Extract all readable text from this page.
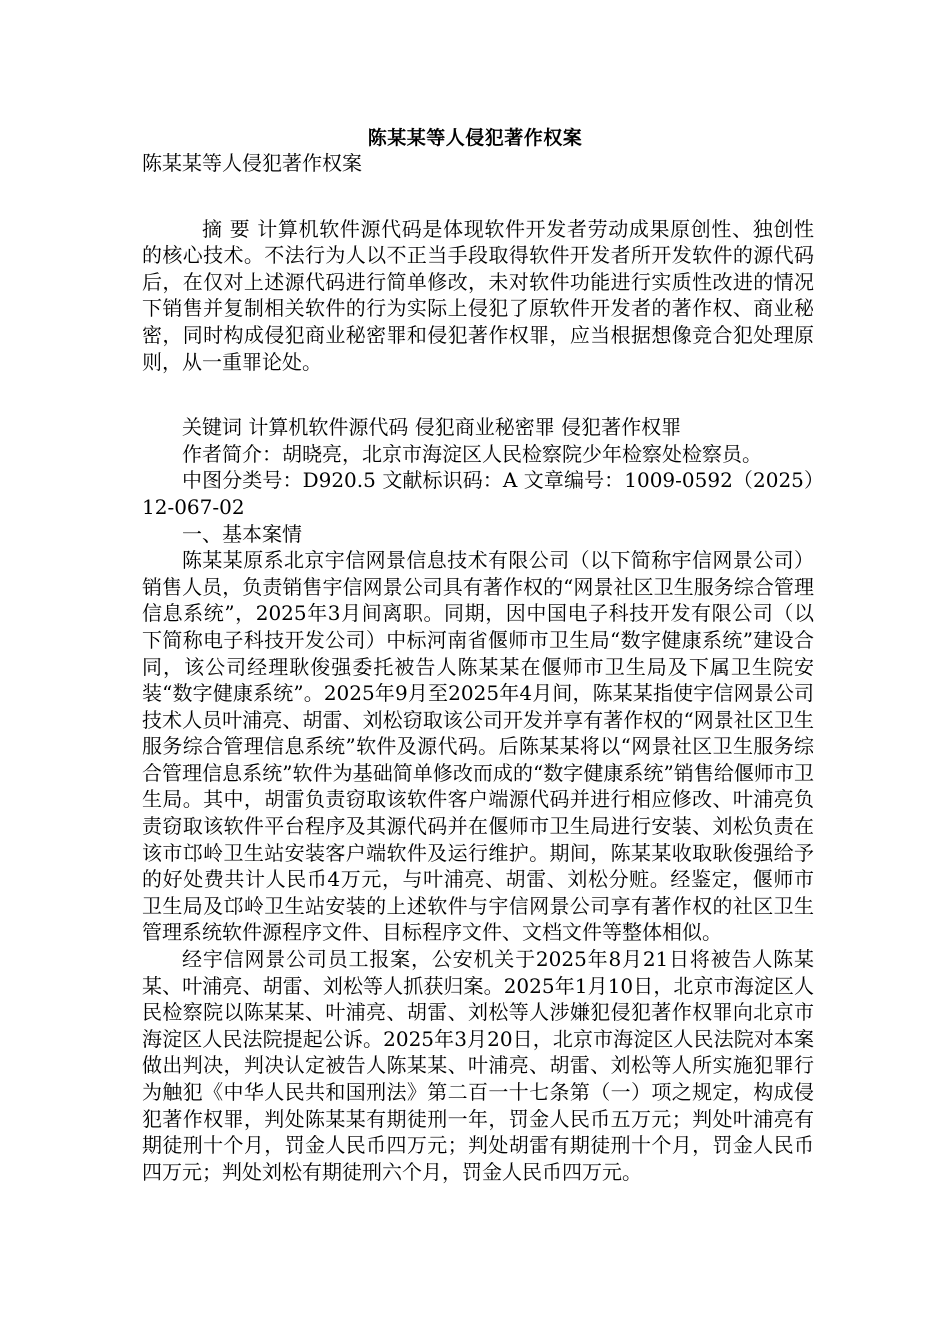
陈某某等人侵犯著作权案

陈某某等人侵犯著作权案

摘 要 计算机软件源代码是体现软件开发者劳动成果原创性、独创性的核心技术。不法行为人以不正当手段取得软件开发者所开发软件的源代码后，在仅对上述源代码进行简单修改，未对软件功能进行实质性改进的情况下销售并复制相关软件的行为实际上侵犯了原软件开发者的著作权、商业秘密，同时构成侵犯商业秘密罪和侵犯著作权罪，应当根据想像竞合犯处理原则，从一重罪论处。

关键词 计算机软件源代码 侵犯商业秘密罪 侵犯著作权罪

作者简介：胡晓亮，北京市海淀区人民检察院少年检察处检察员。

中图分类号：D920.5 文献标识码：A 文章编号：1009-0592（2025）12-067-02

一、基本案情

陈某某原系北京宇信网景信息技术有限公司（以下简称宇信网景公司）销售人员，负责销售宇信网景公司具有著作权的“网景社区卫生服务综合管理信息系统”，2025年3月间离职。同期，因中国电子科技开发有限公司（以下简称电子科技开发公司）中标河南省偃师市卫生局“数字健康系统”建设合同，该公司经理耿俊强委托被告人陈某某在偃师市卫生局及下属卫生院安装“数字健康系统”。2025年9月至2025年4月间，陈某某指使宇信网景公司技术人员叶浦亮、胡雷、刘松窃取该公司开发并享有著作权的“网景社区卫生服务综合管理信息系统”软件及源代码。后陈某某将以“网景社区卫生服务综合管理信息系统”软件为基础简单修改而成的“数字健康系统”销售给偃师市卫生局。其中，胡雷负责窃取该软件客户端源代码并进行相应修改、叶浦亮负责窃取该软件平台程序及其源代码并在偃师市卫生局进行安装、刘松负责在该市邙岭卫生站安装客户端软件及运行维护。期间，陈某某收取耿俊强给予的好处费共计人民币4万元，与叶浦亮、胡雷、刘松分赃。经鉴定，偃师市卫生局及邙岭卫生站安装的上述软件与宇信网景公司享有著作权的社区卫生管理系统软件源程序文件、目标程序文件、文档文件等整体相似。

经宇信网景公司员工报案，公安机关于2025年8月21日将被告人陈某某、叶浦亮、胡雷、刘松等人抓获归案。2025年1月10日，北京市海淀区人民检察院以陈某某、叶浦亮、胡雷、刘松等人涉嫌犯侵犯著作权罪向北京市海淀区人民法院提起公诉。2025年3月20日，北京市海淀区人民法院对本案做出判决，判决认定被告人陈某某、叶浦亮、胡雷、刘松等人所实施犯罪行为触犯《中华人民共和国刑法》第二百一十七条第（一）项之规定，构成侵犯著作权罪，判处陈某某有期徒刑一年，罚金人民币五万元；判处叶浦亮有期徒刑十个月，罚金人民币四万元；判处胡雷有期徒刑十个月，罚金人民币四万元；判处刘松有期徒刑六个月，罚金人民币四万元。
